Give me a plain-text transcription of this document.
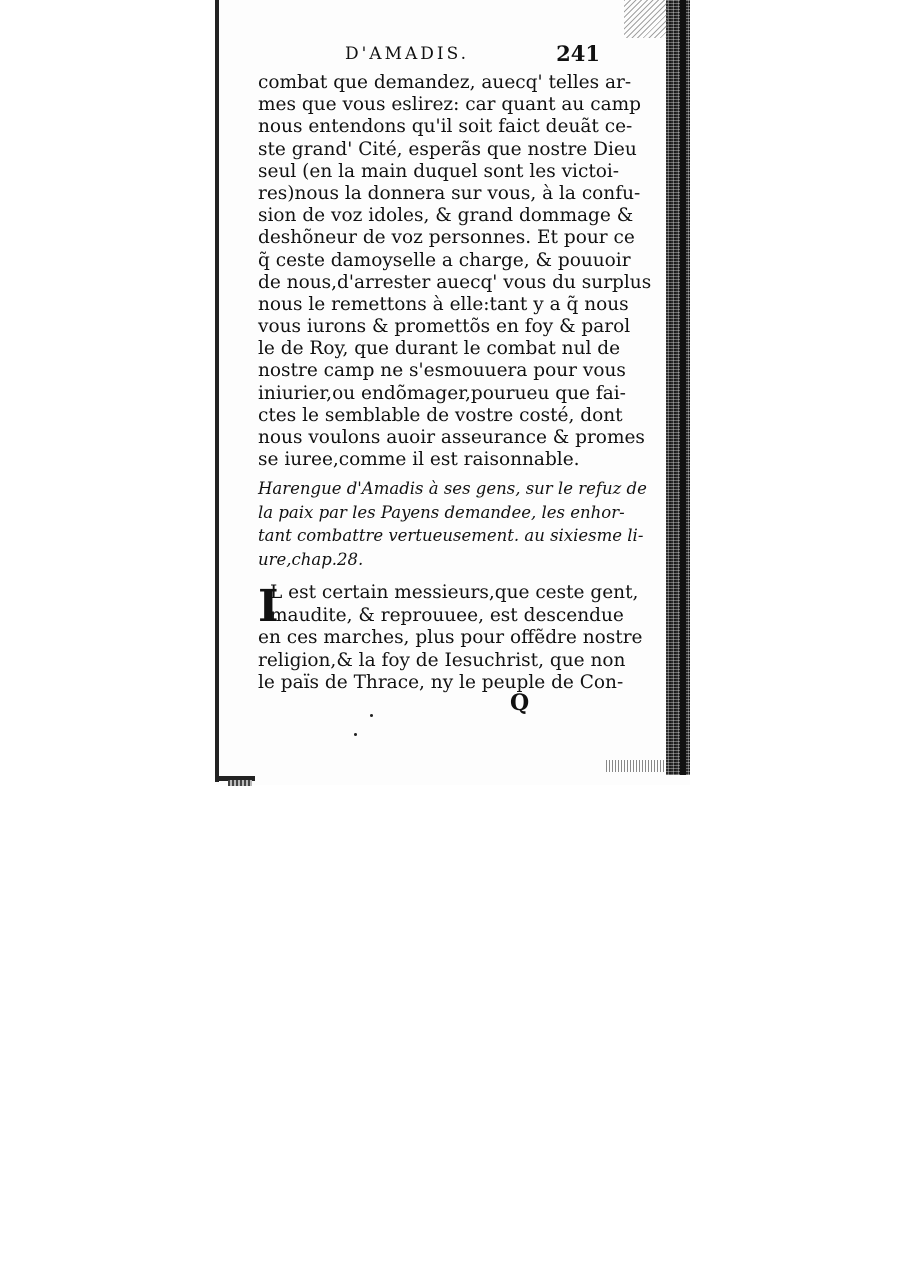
D'AMADIS.	241
combat que demandez, auecq' telles ar-
mes que vous eslirez: car quant au camp
nous entendons qu'il soit faict deuãt ce-
ste grand' Cité, esperãs que nostre Dieu
seul (en la main duquel sont les victoi-
res)nous la donnera sur vous, à la confu-
sion de voz idoles, & grand dommage &
deshõneur de voz personnes. Et pour ce
q̃ ceste damoyselle a charge, & pouuoir
de nous,d'arrester auecq' vous du surplus
nous le remettons à elle:tant y a q̃ nous
vous iurons & promettõs en foy & parol
le de Roy, que durant le combat nul de
nostre camp ne s'esmouuera pour vous
iniurier,ou endõmager,pourueu que fai-
ctes le semblable de vostre costé, dont
nous voulons auoir asseurance & promes
se iuree,comme il est raisonnable.
Harengue d'Amadis à ses gens, sur le refuz de
la paix par les Payens demandee, les enhor-
tant combattre vertueusement. au sixiesme li-
ure,chap.28.
I
L est certain messieurs,que ceste gent,
maudite, & reprouuee, est descendue
en ces marches, plus pour offẽdre nostre
religion,& la foy de Iesuchrist, que non
le païs de Thrace, ny le peuple de Con-
Q
